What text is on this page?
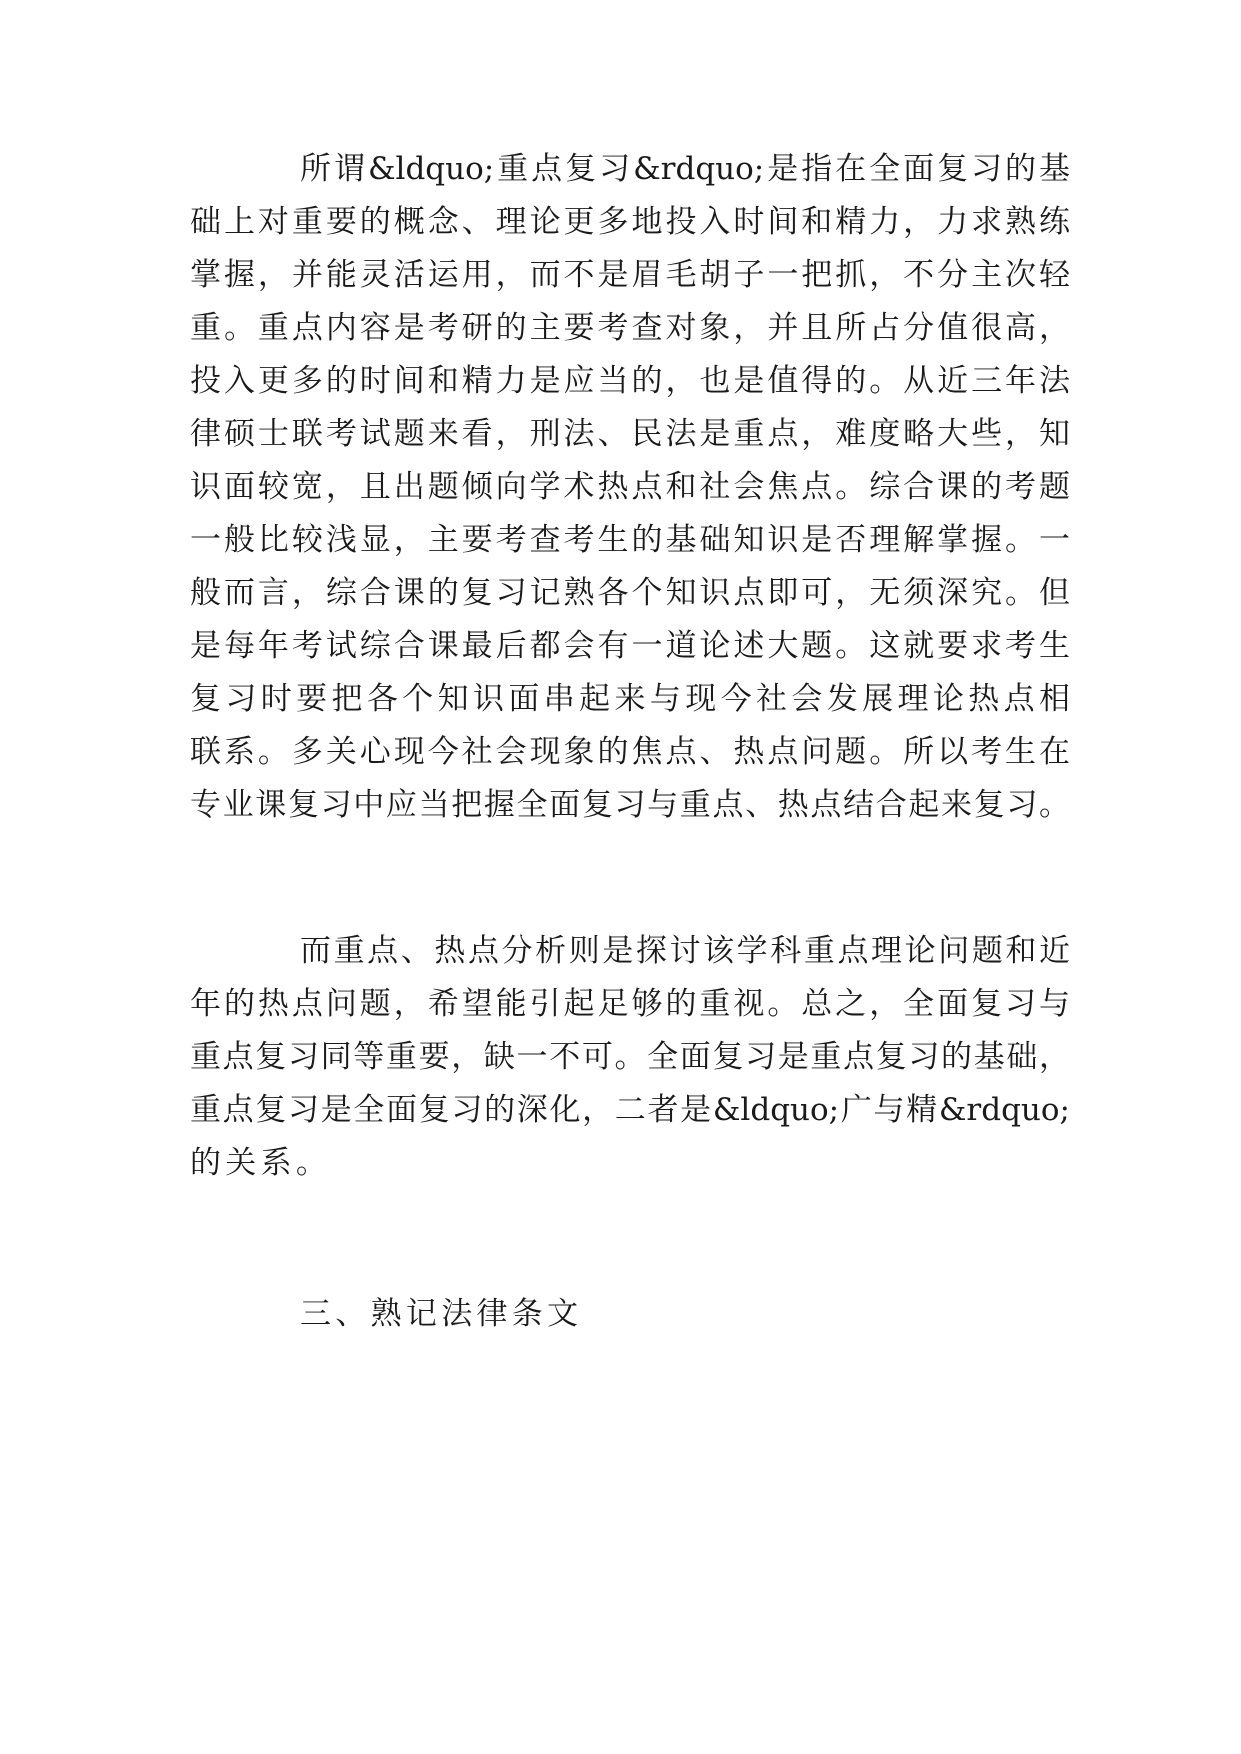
所谓&ldquo;重点复习&rdquo;是指在全面复习的基
础上对重要的概念、理论更多地投入时间和精力，力求熟练
掌握，并能灵活运用，而不是眉毛胡子一把抓，不分主次轻
重。重点内容是考研的主要考查对象，并且所占分值很高，
投入更多的时间和精力是应当的，也是值得的。从近三年法
律硕士联考试题来看，刑法、民法是重点，难度略大些，知
识面较宽，且出题倾向学术热点和社会焦点。综合课的考题
一般比较浅显，主要考查考生的基础知识是否理解掌握。一
般而言，综合课的复习记熟各个知识点即可，无须深究。但
是每年考试综合课最后都会有一道论述大题。这就要求考生
复习时要把各个知识面串起来与现今社会发展理论热点相
联系。多关心现今社会现象的焦点、热点问题。所以考生在
专业课复习中应当把握全面复习与重点、热点结合起来复习。
而重点、热点分析则是探讨该学科重点理论问题和近
年的热点问题，希望能引起足够的重视。总之，全面复习与
重点复习同等重要，缺一不可。全面复习是重点复习的基础，
重点复习是全面复习的深化，二者是&ldquo;广与精&rdquo;
的关系。
三、熟记法律条文
